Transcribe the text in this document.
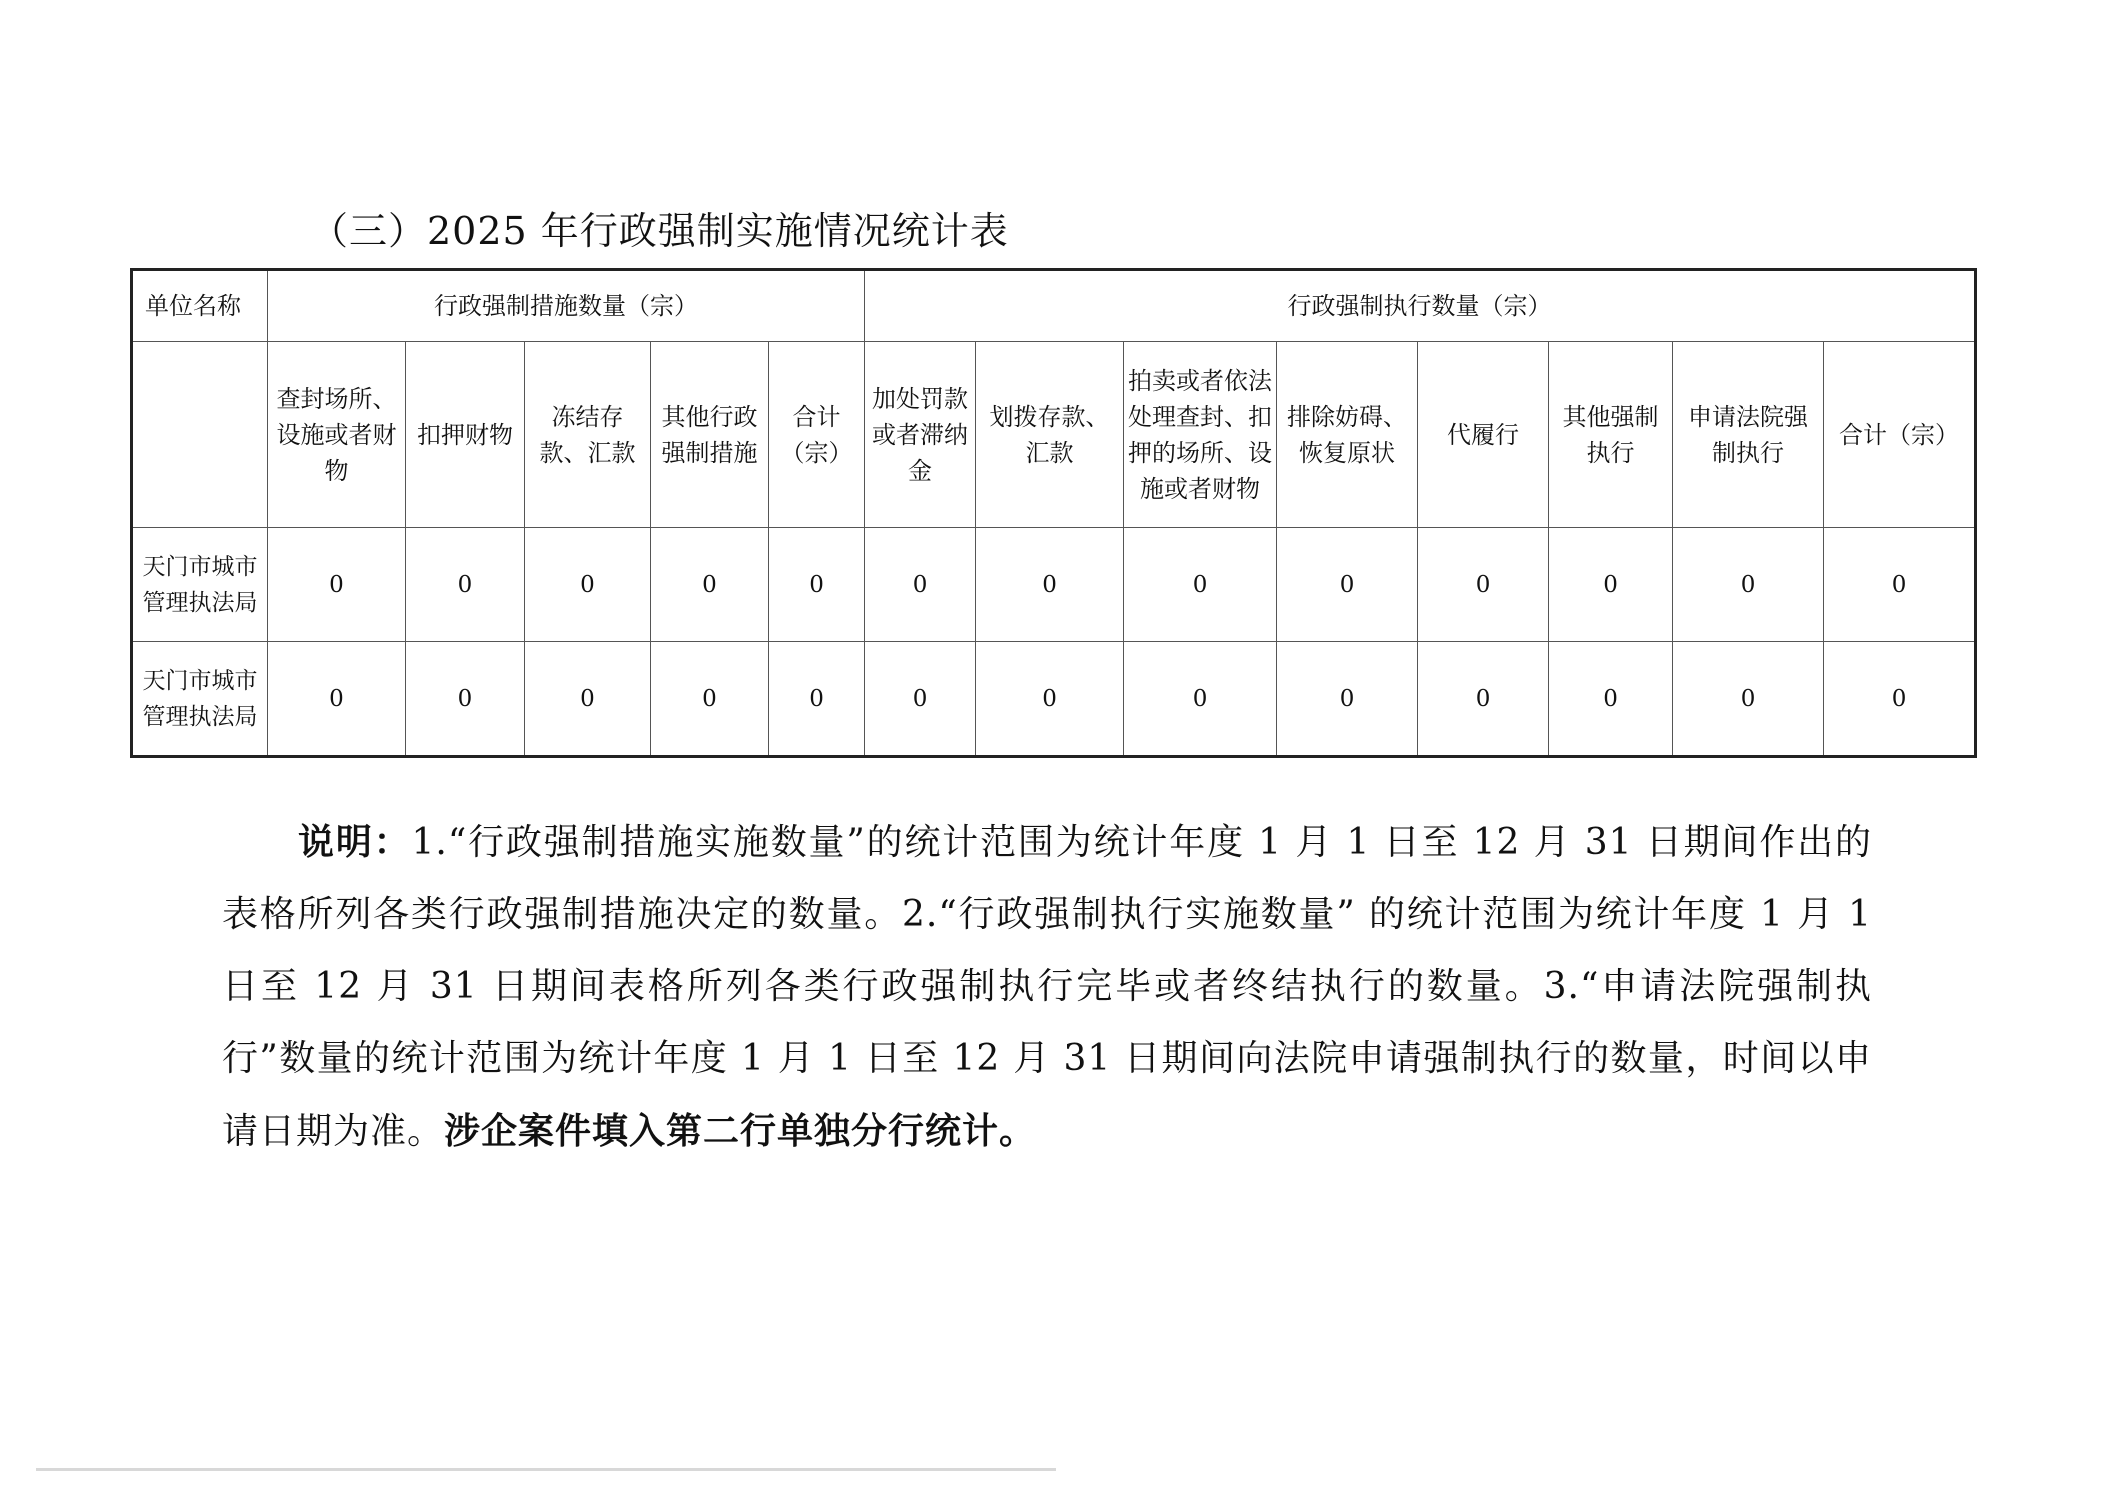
（三）2025 年行政强制实施情况统计表
单位名称	行政强制措施数量（宗）					行政强制执行数量（宗）							
	查封场所、设施或者财物	扣押财物	冻结存款、汇款	其他行政强制措施	合计（宗）	加处罚款或者滞纳金	划拨存款、汇款	拍卖或者依法处理查封、扣押的场所、设施或者财物	排除妨碍、恢复原状	代履行	其他强制执行	申请法院强制执行	合计（宗）
天门市城市管理执法局	0	0	0	0	0	0	0	0	0	0	0	0	0
天门市城市管理执法局	0	0	0	0	0	0	0	0	0	0	0	0	0

说明：1.“行政强制措施实施数量”的统计范围为统计年度 1 月 1 日至 12 月 31 日期间作出的表格所列各类行政强制措施决定的数量。2.“行政强制执行实施数量” 的统计范围为统计年度 1 月 1 日至 12 月 31 日期间表格所列各类行政强制执行完毕或者终结执行的数量。3.“申请法院强制执行”数量的统计范围为统计年度 1 月 1 日至 12 月 31 日期间向法院申请强制执行的数量，时间以申请日期为准。涉企案件填入第二行单独分行统计。
